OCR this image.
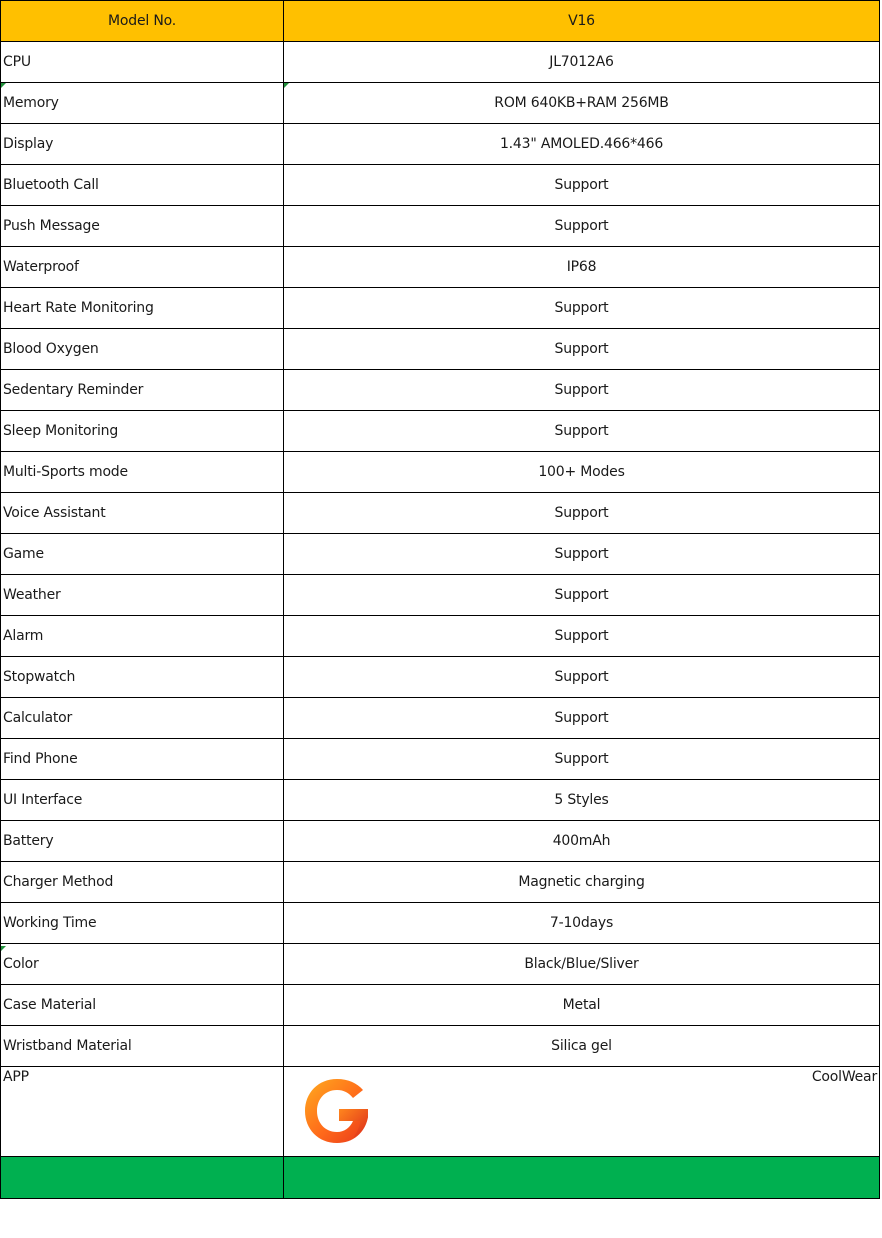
Model No.	V16
CPU	JL7012A6
Memory	ROM 640KB+RAM 256MB
Display	1.43" AMOLED.466*466
Bluetooth Call	Support
Push Message	Support
Waterproof	IP68
Heart Rate Monitoring	Support
Blood Oxygen	Support
Sedentary Reminder	Support
Sleep Monitoring	Support
Multi-Sports mode	100+ Modes
Voice Assistant	Support
Game	Support
Weather	Support
Alarm	Support
Stopwatch	Support
Calculator	Support
Find Phone	Support
UI Interface	5 Styles
Battery	400mAh
Charger Method	Magnetic charging
Working Time	7-10days
Color	Black/Blue/Sliver
Case Material	Metal
Wristband Material	Silica gel
APP	CoolWear
